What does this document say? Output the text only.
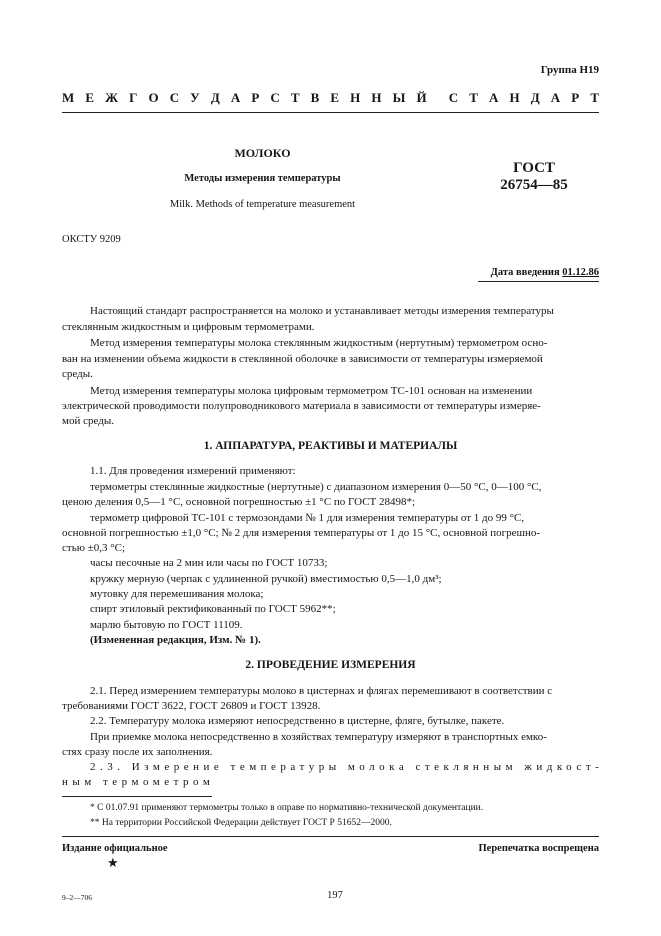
Группа Н19
М Е Ж Г О С У Д А Р С Т В Е Н Н Ы Й С Т А Н Д А Р Т
МОЛОКО
Методы измерения температуры
Milk. Methods of temperature measurement
ГОСТ
26754—85
ОКСТУ 9209
Дата введения 01.12.86
Настоящий стандарт распространяется на молоко и устанавливает методы измерения температуры
стеклянным жидкостным и цифровым термометрами.
Метод измерения температуры молока стеклянным жидкостным (нертутным) термометром осно-
ван на изменении объема жидкости в стеклянной оболочке в зависимости от температуры измеряемой
среды.
Метод измерения температуры молока цифровым термометром ТС-101 основан на изменении
электрической проводимости полупроводникового материала в зависимости от температуры измеряе-
мой среды.
1. АППАРАТУРА, РЕАКТИВЫ И МАТЕРИАЛЫ
1.1. Для проведения измерений применяют:
термометры стеклянные жидкостные (нертутные) с диапазоном измерения 0—50 °С, 0—100 °С,
ценою деления 0,5—1 °С, основной погрешностью ±1 °С по ГОСТ 28498*;
термометр цифровой ТС-101 с термозондами № 1 для измерения температуры от 1 до 99 °С,
основной погрешностью ±1,0 °С; № 2 для измерения температуры от 1 до 15 °С, основной погрешно-
стью ±0,3 °С;
часы песочные на 2 мин или часы по ГОСТ 10733;
кружку мерную (черпак с удлиненной ручкой) вместимостью 0,5—1,0 дм³;
мутовку для перемешивания молока;
спирт этиловый ректификованный по ГОСТ 5962**;
марлю бытовую по ГОСТ 11109.
(Измененная редакция, Изм. № 1).
2. ПРОВЕДЕНИЕ ИЗМЕРЕНИЯ
2.1. Перед измерением температуры молоко в цистернах и флягах перемешивают в соответствии с
требованиями ГОСТ 3622, ГОСТ 26809 и ГОСТ 13928.
2.2. Температуру молока измеряют непосредственно в цистерне, фляге, бутылке, пакете.
При приемке молока непосредственно в хозяйствах температуру измеряют в транспортных емко-
стях сразу после их заполнения.
2.3. Измерение температуры молока стеклянным жидкост-
ным термометром
* С 01.07.91 применяют термометры только в оправе по нормативно-технической документации.
** На территории Российской Федерации действует ГОСТ Р 51652—2000.
Издание официальное
★
Перепечатка воспрещена
9–2—706	197
